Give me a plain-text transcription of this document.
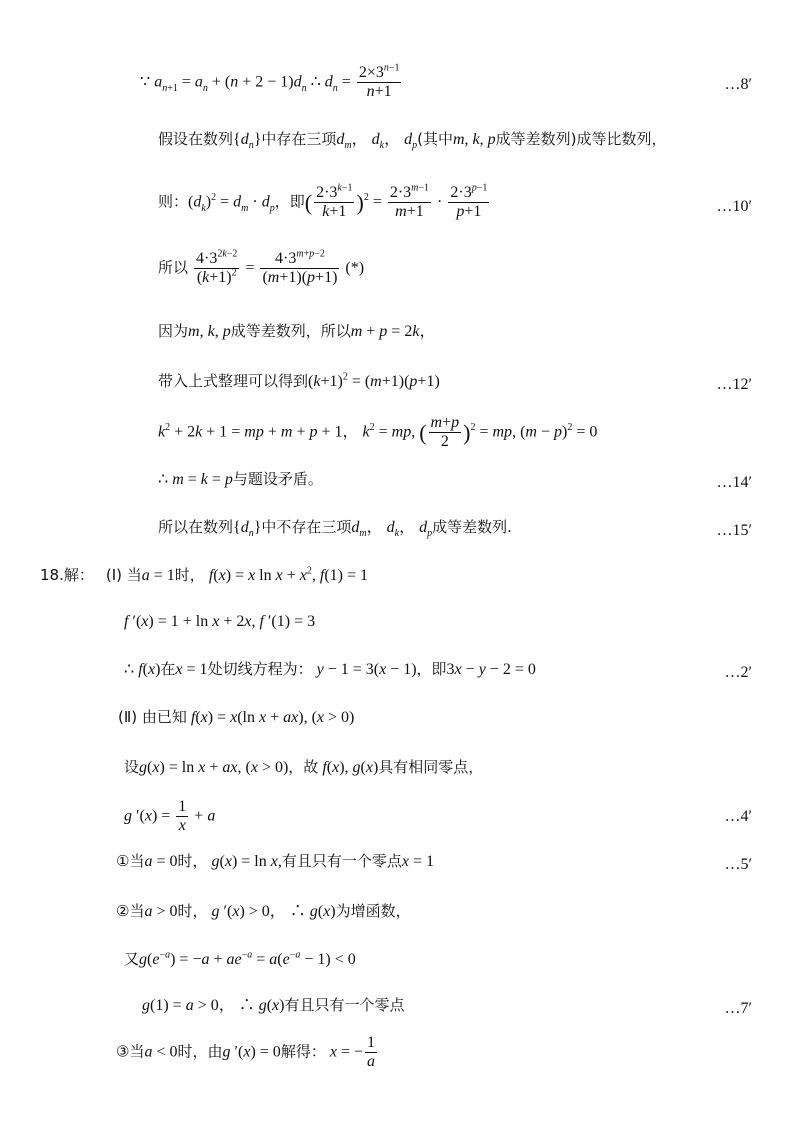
∵ $a_{n+1} = a_n + (n + 2 - 1)d_n$ ∴ $d_n = \frac{2\times 3^{n-1}}{n+1}$	…8′
假设在数列$\{d_n\}$中存在三项$d_m$， $d_k$， $d_p$(其中m, k, p成等差数列)成等比数列，
则：$(d_k)^2 = d_m \cdot d_p$，即( $\frac{2\cdot 3^{k-1}}{k+1} )^2 = \frac{2\cdot 3^{m-1}}{m+1} \cdot \frac{2\cdot 3^{p-1}}{p+1}$	…10′
所以 $\frac{4\cdot 3^{2k-2}}{(k+1)^2} = \frac{4\cdot 3^{m+p-2}}{(m+1)(p+1)}$ (*)
因为m, k, p成等差数列，所以m + p = 2k，
带入上式整理可以得到$(k+1)^2 = (m+1)(p+1)$	…12′
$k^2 + 2k + 1$ = mp + m + p + 1， $k^2$ = mp, ( $\frac{m+p}{2} )^2$ = mp, $(m - p)^2 = 0$
∴ m = k = p与题设矛盾。	…14′
所以在数列$\{d_n\}$中不存在三项$d_m$， $d_k$， $d_p$成等差数列.	…15′
18.解： (Ⅰ) 当a = 1时， f(x) = x $\ln x + x^2$, f(1) = 1
f ′(x) = 1 + ln x + 2x, f ′(1) = 3
∴ f(x)在x = 1处切线方程为： y − 1 = 3(x − 1)，即3x − y − 2 = 0	…2′
(Ⅱ) 由已知 f(x) = x(ln x + ax), (x > 0)
设g(x) = ln x + ax, (x > 0)，故 f(x), g(x)具有相同零点，
g $'(x) = \frac{1}{x} + a$	…4′
①当a = 0时， g(x) = ln x,有且只有一个零点x = 1	…5′
②当a > 0时， g ′(x) > 0， ∴ g(x)为增函数，
又$g(e^{-a}) = -a + ae^{-a} = a(e^{-a} - 1) < 0$
g(1) = a > 0， ∴ g(x)有且只有一个零点	…7′
③当a < 0时，由g ′(x) = 0解得： x = − $\frac{1}{a}$
